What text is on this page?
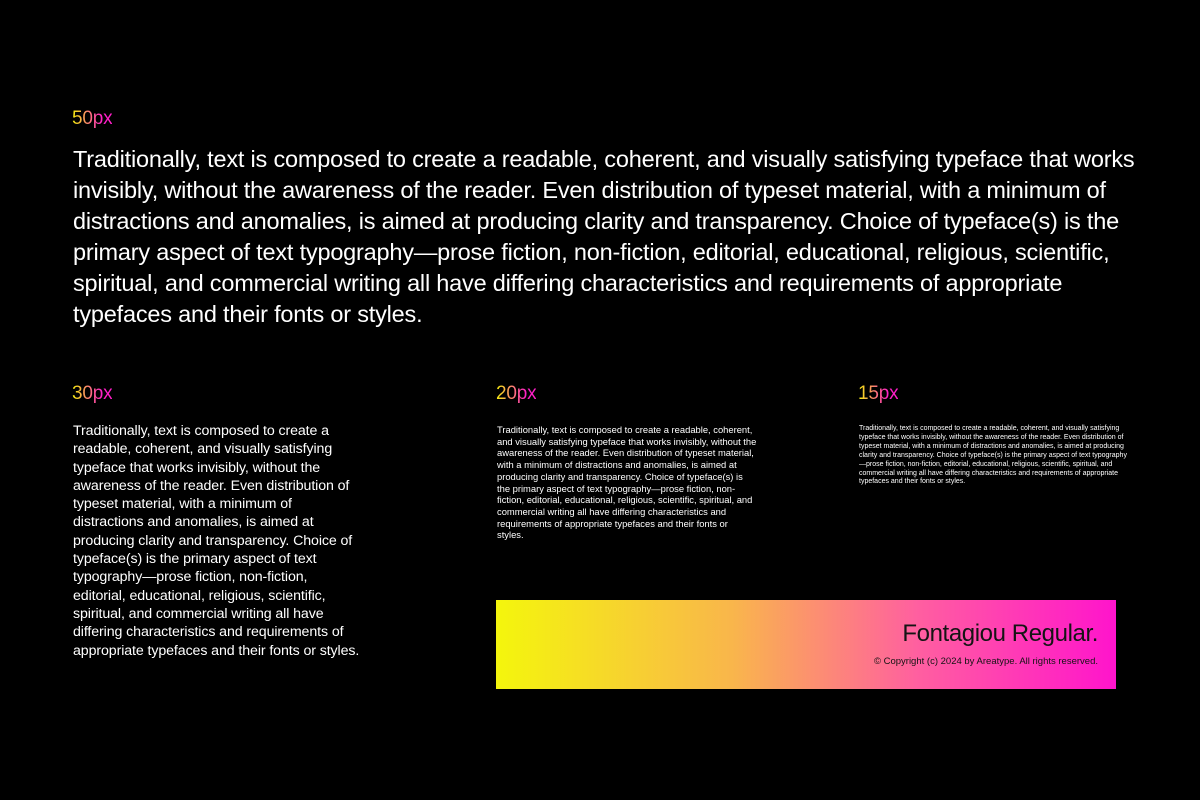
50px

Traditionally, text is composed to create a readable, coherent, and visually satisfying typeface that works invisibly, without the awareness of the reader. Even distribution of typeset material, with a minimum of distractions and anomalies, is aimed at producing clarity and transparency. Choice of typeface(s) is the primary aspect of text typography—prose fiction, non-fiction, editorial, educational, religious, scientific, spiritual, and commercial writing all have differing characteristics and requirements of appropriate typefaces and their fonts or styles.

30px

Traditionally, text is composed to create a readable, coherent, and visually satisfying typeface that works invisibly, without the awareness of the reader. Even distribution of typeset material, with a minimum of distractions and anomalies, is aimed at producing clarity and transparency. Choice of typeface(s) is the primary aspect of text typography—prose fiction, non-fiction, editorial, educational, religious, scientific, spiritual, and commercial writing all have differing characteristics and requirements of appropriate typefaces and their fonts or styles.

20px

Traditionally, text is composed to create a readable, coherent, and visually satisfying typeface that works invisibly, without the awareness of the reader. Even distribution of typeset material, with a minimum of distractions and anomalies, is aimed at producing clarity and transparency. Choice of typeface(s) is the primary aspect of text typography—prose fiction, non-fiction, editorial, educational, religious, scientific, spiritual, and commercial writing all have differing characteristics and requirements of appropriate typefaces and their fonts or styles.

15px

Traditionally, text is composed to create a readable, coherent, and visually satisfying typeface that works invisibly, without the awareness of the reader. Even distribution of typeset material, with a minimum of distractions and anomalies, is aimed at producing clarity and transparency. Choice of typeface(s) is the primary aspect of text typography—prose fiction, non-fiction, editorial, educational, religious, scientific, spiritual, and commercial writing all have differing characteristics and requirements of appropriate typefaces and their fonts or styles.

Fontagiou Regular.
© Copyright (c) 2024 by Areatype. All rights reserved.
